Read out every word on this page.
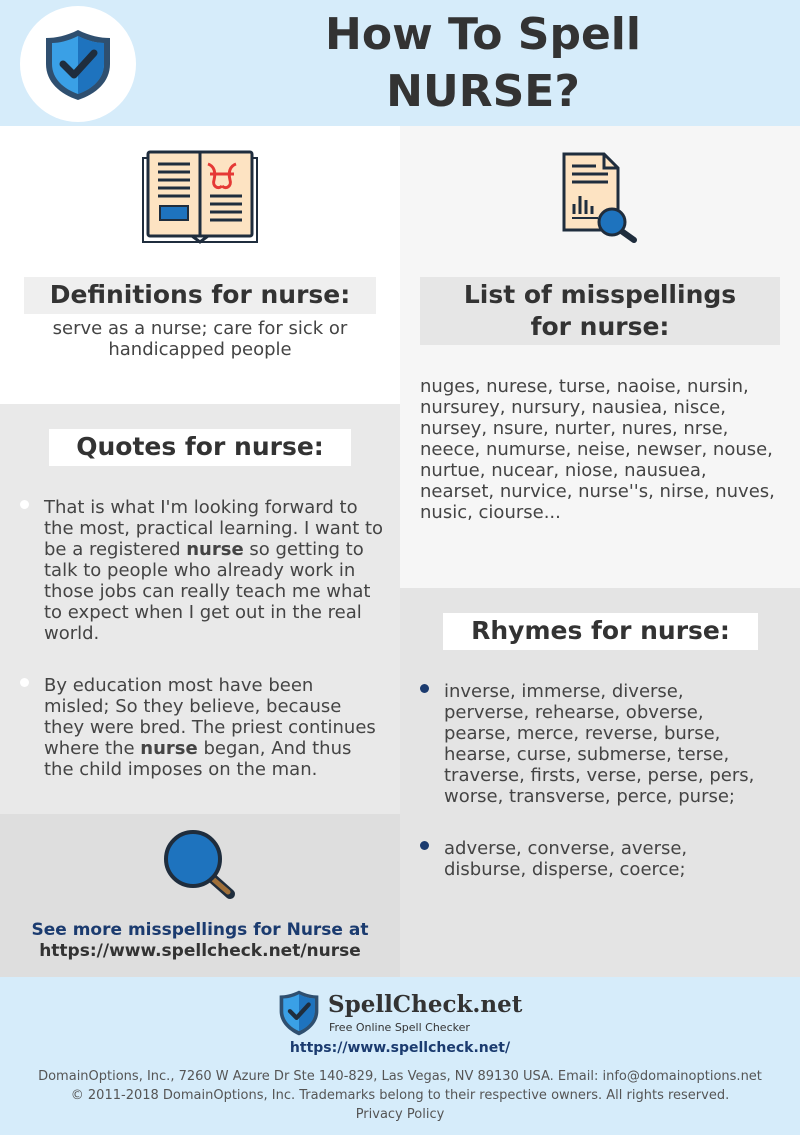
How To Spell
NURSE?
Definitions for nurse:
serve as a nurse; care for sick or handicapped people
List of misspellings
for nurse:
nuges, nurese, turse, naoise, nursin, nursurey, nursury, nausiea, nisce, nursey, nsure, nurter, nures, nrse, neece, numurse, neise, newser, nouse, nurtue, nucear, niose, nausuea, nearset, nurvice, nurse''s, nirse, nuves, nusic, ciourse...
Quotes for nurse:
That is what I'm looking forward to the most, practical learning. I want to be a registered nurse so getting to talk to people who already work in those jobs can really teach me what to expect when I get out in the real world.
By education most have been misled; So they believe, because they were bred. The priest continues where the nurse began, And thus the child imposes on the man.
Rhymes for nurse:
inverse, immerse, diverse, perverse, rehearse, obverse, pearse, merce, reverse, burse, hearse, curse, submerse, terse, traverse, firsts, verse, perse, pers, worse, transverse, perce, purse;
adverse, converse, averse, disburse, disperse, coerce;
See more misspellings for Nurse at
https://www.spellcheck.net/nurse
SpellCheck.net
Free Online Spell Checker
https://www.spellcheck.net/
DomainOptions, Inc., 7260 W Azure Dr Ste 140-829, Las Vegas, NV 89130 USA. Email: info@domainoptions.net
© 2011-2018 DomainOptions, Inc. Trademarks belong to their respective owners. All rights reserved.
Privacy Policy
